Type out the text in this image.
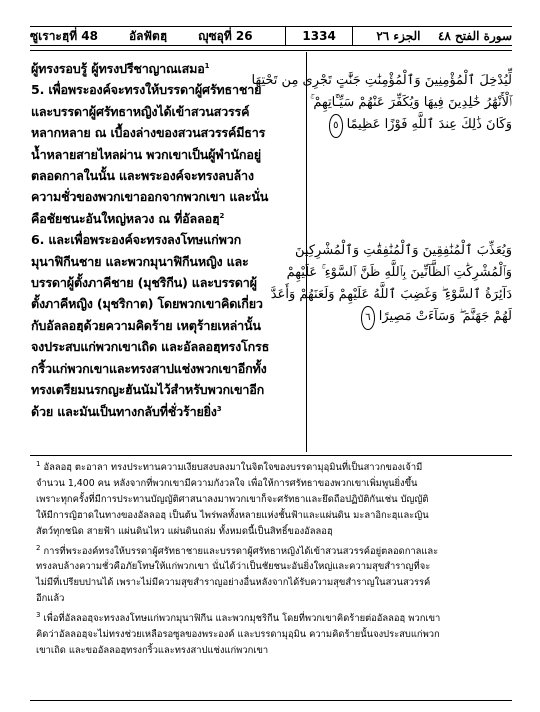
ซูเราะฮฺที่ 48	อัลฟัตฮฺ	ญุซอุที่ 26	1334	الجزء ٢٦	سورة الفتح ٤٨

ผู้ทรงรอบรู้ ผู้ทรงปรีชาญาณเสมอ$^1$

5. เพื่อพระองค์จะทรงให้บรรดาผู้ศรัทธาชาย

และบรรดาผู้ศรัทธาหญิงได้เข้าสวนสวรรค์

หลากหลาย ณ เบื้องล่างของสวนสวรรค์มีธาร

น้ำหลายสายไหลผ่าน พวกเขาเป็นผู้พำนักอยู่

ตลอดกาลในนั้น และพระองค์จะทรงลบล้าง

ความชั่วของพวกเขาออกจากพวกเขา และนั่น

คือชัยชนะอันใหญ่หลวง ณ ที่อัลลอฮฺ$^2$

6. และเพื่อพระองค์จะทรงลงโทษแก่พวก

มุนาฟิกีนชาย และพวกมุนาฟิกีนหญิง และ

บรรดาผู้ตั้งภาคีชาย (มุชริกีน) และบรรดาผู้

ตั้งภาคีหญิง (มุชริกาต) โดยพวกเขาคิดเกี่ยว

กับอัลลอฮฺด้วยความคิดร้าย เหตุร้ายเหล่านั้น

จงประสบแก่พวกเขาเถิด และอัลลอฮฺทรงโกรธ

กริ้วแก่พวกเขาและทรงสาปแช่งพวกเขาอีกทั้ง

ทรงเตรียมนรกญะฮันนัมไว้สำหรับพวกเขาอีก

ด้วย และมันเป็นทางกลับที่ชั่วร้ายยิ่ง$^3$

لِّيُدْخِلَ ٱلْمُؤْمِنِينَ وَٱلْمُؤْمِنَٰتِ جَنَّٰتٍ تَجْرِى مِن تَحْتِهَا
ٱلْأَنْهَٰرُ خَٰلِدِينَ فِيهَا وَيُكَفِّرَ عَنْهُمْ سَيِّـَٔاتِهِمْ ۚ
وَكَانَ ذَٰلِكَ عِندَ ٱللَّهِ فَوْزًا عَظِيمًا ٥
وَيُعَذِّبَ ٱلْمُنَٰفِقِينَ وَٱلْمُنَٰفِقَٰتِ وَٱلْمُشْرِكِينَ
وَٱلْمُشْرِكَٰتِ ٱلظَّآنِّينَ بِٱللَّهِ ظَنَّ ٱلسَّوْءِ ۚ عَلَيْهِمْ
دَآئِرَةُ ٱلسَّوْءِ ۖ وَغَضِبَ ٱللَّهُ عَلَيْهِمْ وَلَعَنَهُمْ وَأَعَدَّ
لَهُمْ جَهَنَّمَ ۖ وَسَآءَتْ مَصِيرًا ٦

$^1$ อัลลอฮฺ ตะอาลา ทรงประทานความเงียบสงบลงมาในจิตใจของบรรดามุอฺมินที่เป็นสาวกของเจ้ามี

จำนวน 1,400 คน หลังจากที่พวกเขามีความกังวลใจ เพื่อให้การศรัทธาของพวกเขาเพิ่มพูนยิ่งขึ้น

เพราะทุกครั้งที่มีการประทานบัญญัติศาสนาลงมาพวกเขาก็จะศรัทธาและยึดถือปฏิบัติกันเช่น บัญญัติ

ให้มีการญิฮาดในทางของอัลลอฮฺ เป็นต้น ไพร่พลทั้งหลายแห่งชั้นฟ้าและแผ่นดิน มะลาอิกะฮฺและญิน

สัตว์ทุกชนิด สายฟ้า แผ่นดินไหว แผ่นดินถล่ม ทั้งหมดนี้เป็นสิทธิ์ของอัลลอฮฺ

$^2$ การที่พระองค์ทรงให้บรรดาผู้ศรัทธาชายและบรรดาผู้ศรัทธาหญิงได้เข้าสวนสวรรค์อยู่ตลอดกาลและ

ทรงลบล้างความชั่วคือภัยโทษให้แก่พวกเขา นั่นได้ว่าเป็นชัยชนะอันยิ่งใหญ่และความสุขสำราญที่จะ

ไม่มีที่เปรียบปานได้ เพราะไม่มีความสุขสำราญอย่างอื่นหลังจากได้รับความสุขสำราญในสวนสวรรค์

อีกแล้ว

$^3$ เพื่อที่อัลลอฮฺจะทรงลงโทษแก่พวกมุนาฟิกีน และพวกมุชริกีน โดยที่พวกเขาคิดร้ายต่ออัลลอฮฺ พวกเขา

คิดว่าอัลลอฮฺจะไม่ทรงช่วยเหลือรอซูลของพระองค์ และบรรดามุอฺมิน ความคิดร้ายนั้นจงประสบแก่พวก

เขาเถิด และขออัลลอฮฺทรงกริ้วและทรงสาปแช่งแก่พวกเขา
